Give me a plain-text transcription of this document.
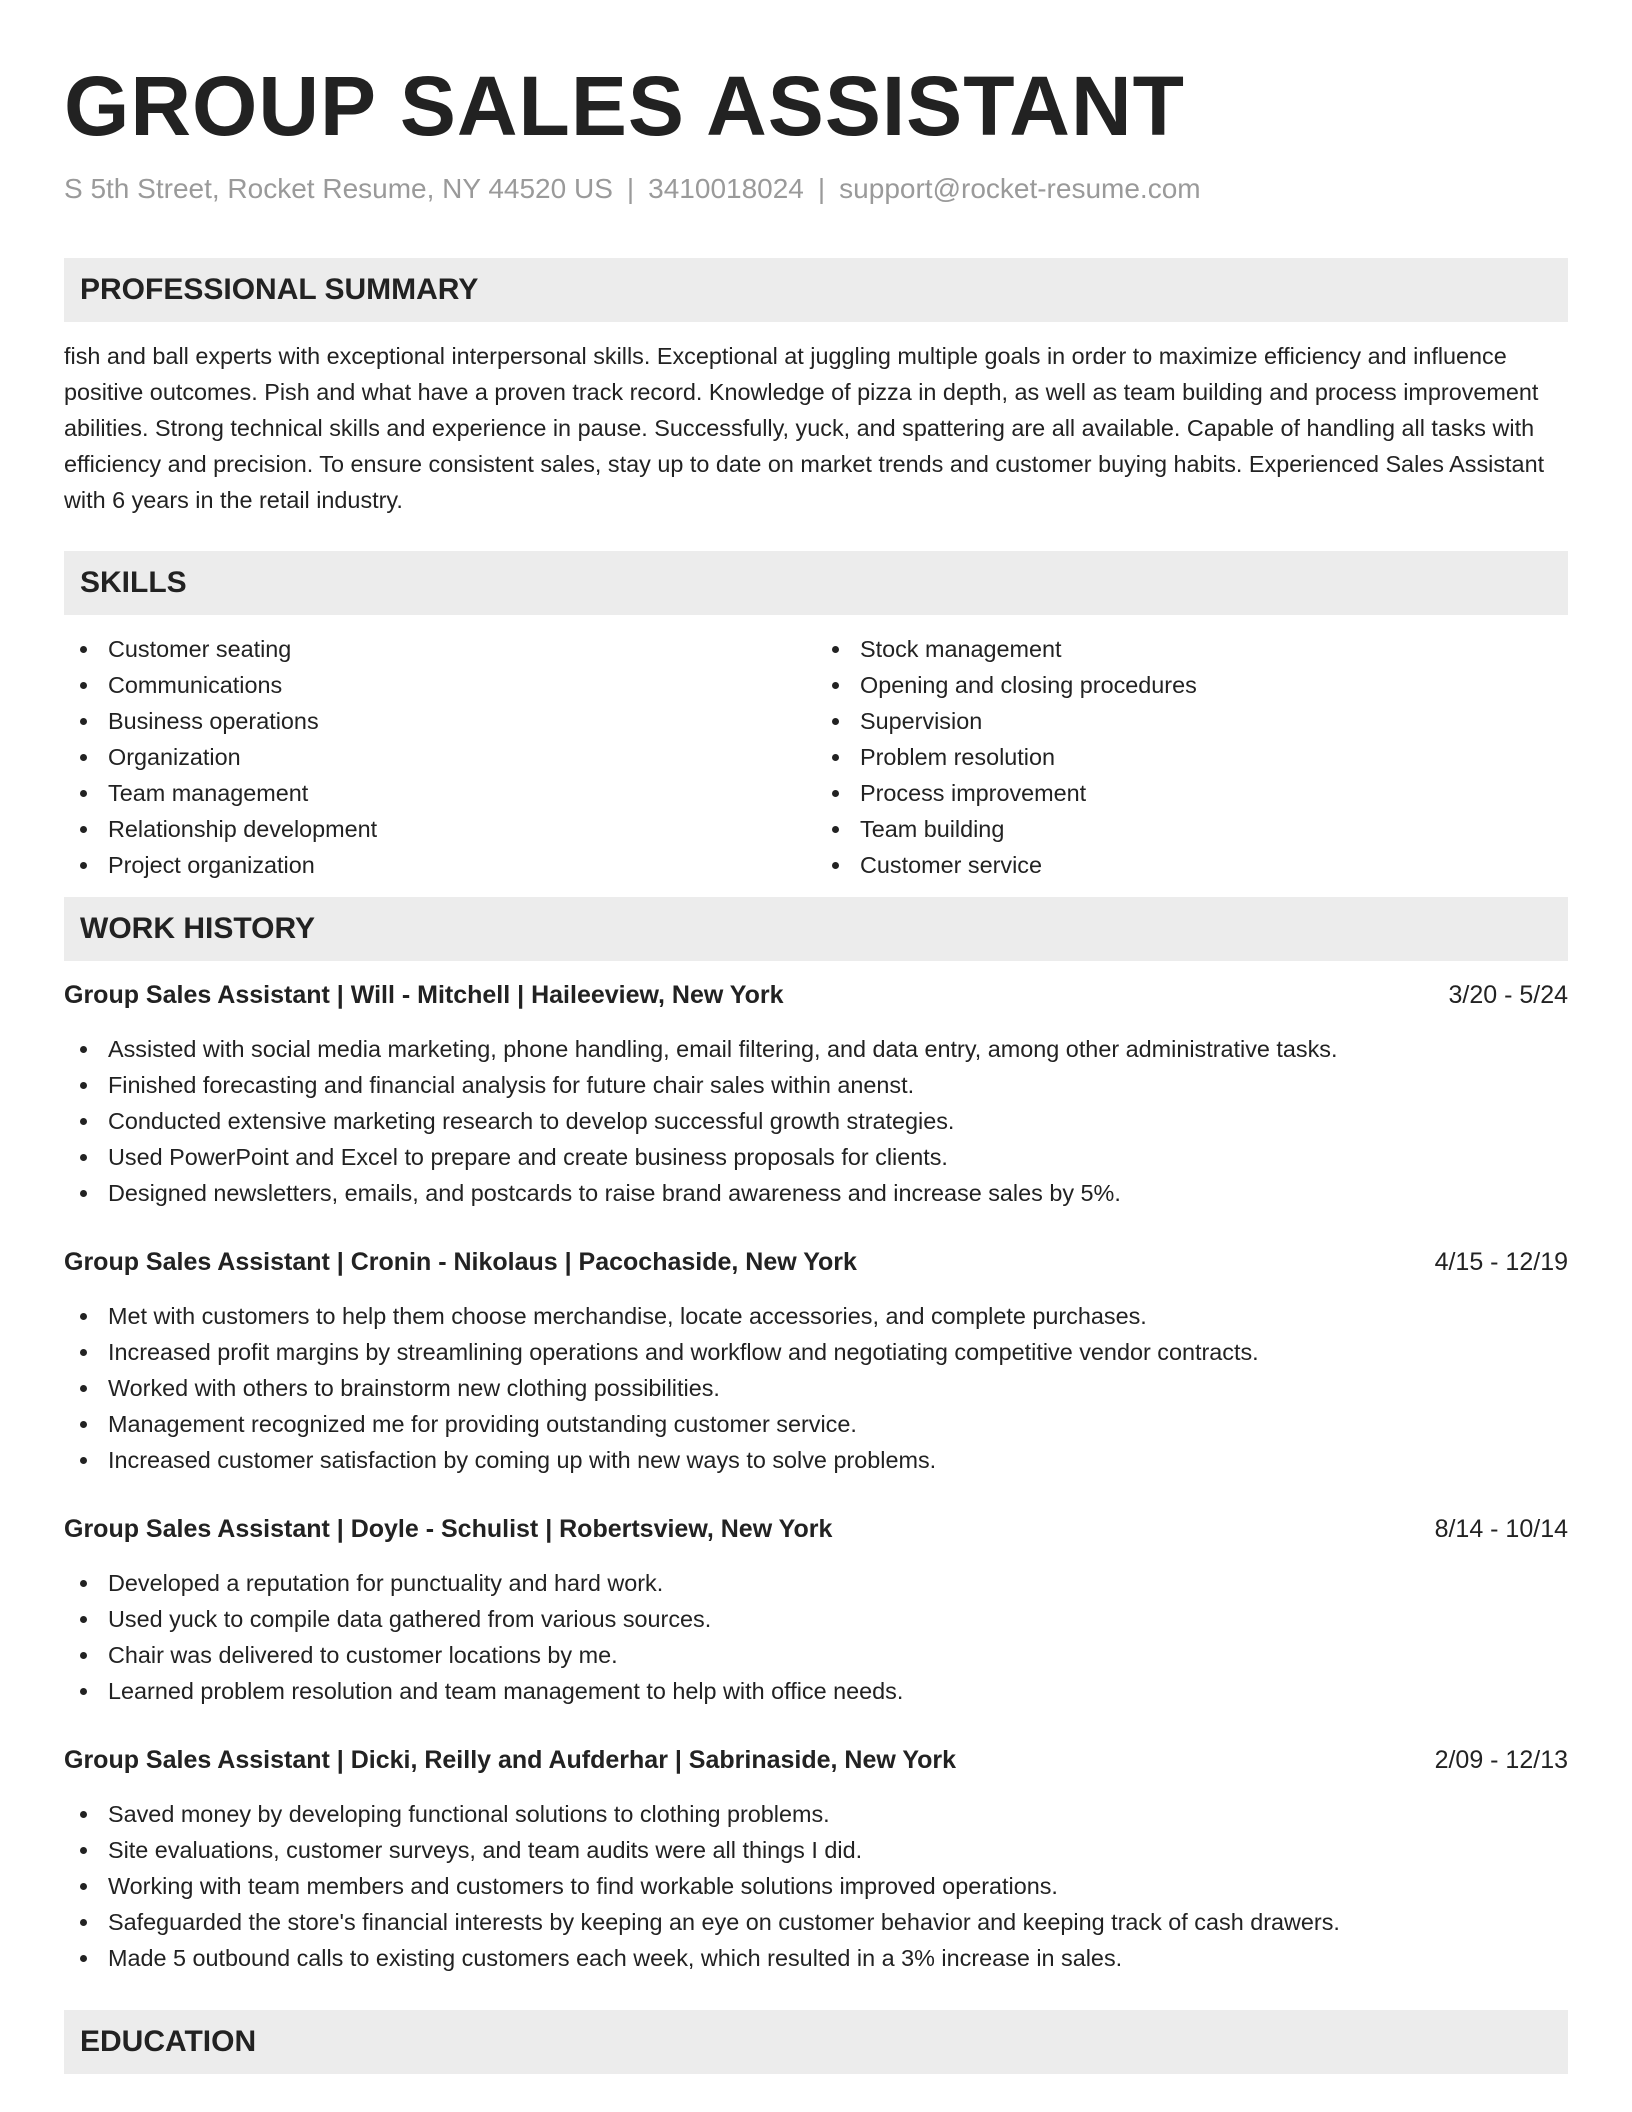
GROUP SALES ASSISTANT
S 5th Street, Rocket Resume, NY 44520 US | 3410018024 | support@rocket-resume.com
PROFESSIONAL SUMMARY
fish and ball experts with exceptional interpersonal skills. Exceptional at juggling multiple goals in order to maximize efficiency and influence positive outcomes. Pish and what have a proven track record. Knowledge of pizza in depth, as well as team building and process improvement abilities. Strong technical skills and experience in pause. Successfully, yuck, and spattering are all available. Capable of handling all tasks with efficiency and precision. To ensure consistent sales, stay up to date on market trends and customer buying habits. Experienced Sales Assistant with 6 years in the retail industry.
SKILLS
Customer seating
Communications
Business operations
Organization
Team management
Relationship development
Project organization
Stock management
Opening and closing procedures
Supervision
Problem resolution
Process improvement
Team building
Customer service
WORK HISTORY
Group Sales Assistant | Will - Mitchell | Haileeview, New York	3/20 - 5/24
Assisted with social media marketing, phone handling, email filtering, and data entry, among other administrative tasks.
Finished forecasting and financial analysis for future chair sales within anenst.
Conducted extensive marketing research to develop successful growth strategies.
Used PowerPoint and Excel to prepare and create business proposals for clients.
Designed newsletters, emails, and postcards to raise brand awareness and increase sales by 5%.
Group Sales Assistant | Cronin - Nikolaus | Pacochaside, New York	4/15 - 12/19
Met with customers to help them choose merchandise, locate accessories, and complete purchases.
Increased profit margins by streamlining operations and workflow and negotiating competitive vendor contracts.
Worked with others to brainstorm new clothing possibilities.
Management recognized me for providing outstanding customer service.
Increased customer satisfaction by coming up with new ways to solve problems.
Group Sales Assistant | Doyle - Schulist | Robertsview, New York	8/14 - 10/14
Developed a reputation for punctuality and hard work.
Used yuck to compile data gathered from various sources.
Chair was delivered to customer locations by me.
Learned problem resolution and team management to help with office needs.
Group Sales Assistant | Dicki, Reilly and Aufderhar | Sabrinaside, New York	2/09 - 12/13
Saved money by developing functional solutions to clothing problems.
Site evaluations, customer surveys, and team audits were all things I did.
Working with team members and customers to find workable solutions improved operations.
Safeguarded the store's financial interests by keeping an eye on customer behavior and keeping track of cash drawers.
Made 5 outbound calls to existing customers each week, which resulted in a 3% increase in sales.
EDUCATION
